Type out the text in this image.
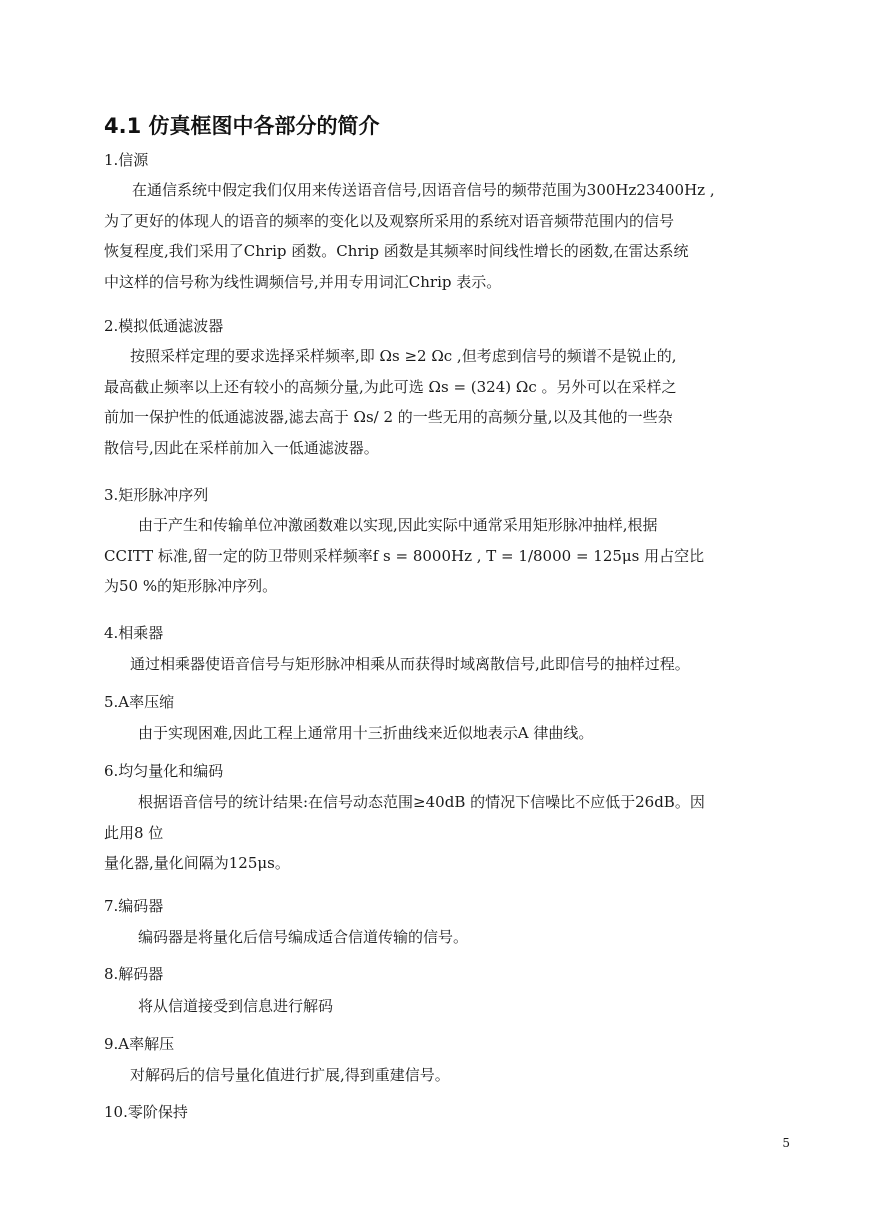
4.1 仿真框图中各部分的简介
1.信源
在通信系统中假定我们仅用来传送语音信号,因语音信号的频带范围为300Hz23400Hz ,
为了更好的体现人的语音的频率的变化以及观察所采用的系统对语音频带范围内的信号
恢复程度,我们采用了Chrip 函数。Chrip 函数是其频率时间线性增长的函数,在雷达系统
中这样的信号称为线性调频信号,并用专用词汇Chrip 表示。
2.模拟低通滤波器
按照采样定理的要求选择采样频率,即 Ωs ≥2 Ωc ,但考虑到信号的频谱不是锐止的,
最高截止频率以上还有较小的高频分量,为此可选 Ωs = (324) Ωc 。另外可以在采样之
前加一保护性的低通滤波器,滤去高于 Ωs/ 2 的一些无用的高频分量,以及其他的一些杂
散信号,因此在采样前加入一低通滤波器。
3.矩形脉冲序列
由于产生和传输单位冲激函数难以实现,因此实际中通常采用矩形脉冲抽样,根据
CCITT 标准,留一定的防卫带则采样频率f s = 8000Hz , T = 1/8000 = 125μs 用占空比
为50 %的矩形脉冲序列。
4.相乘器
通过相乘器使语音信号与矩形脉冲相乘从而获得时域离散信号,此即信号的抽样过程。
5.A率压缩
由于实现困难,因此工程上通常用十三折曲线来近似地表示A 律曲线。
6.均匀量化和编码
根据语音信号的统计结果:在信号动态范围≥40dB 的情况下信噪比不应低于26dB。因
此用8 位
量化器,量化间隔为125μs。
7.编码器
编码器是将量化后信号编成适合信道传输的信号。
8.解码器
将从信道接受到信息进行解码
9.A率解压
对解码后的信号量化值进行扩展,得到重建信号。
10.零阶保持
5
